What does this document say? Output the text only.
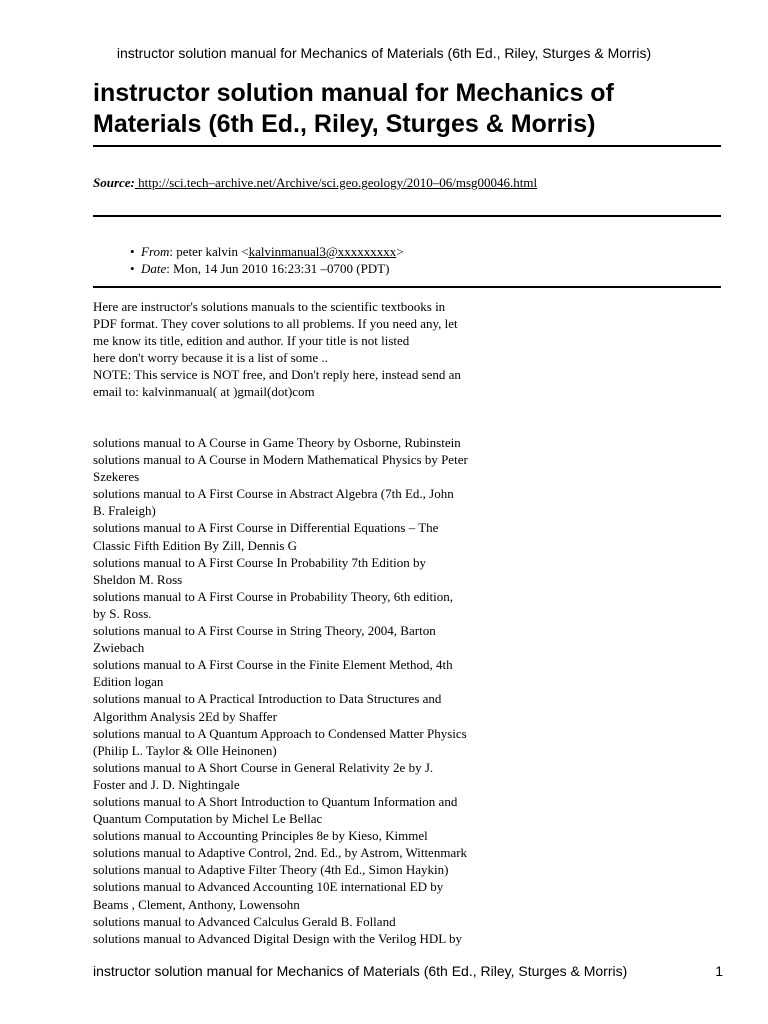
instructor solution manual for Mechanics of Materials (6th Ed., Riley, Sturges & Morris)
instructor solution manual for Mechanics of
Materials (6th Ed., Riley, Sturges & Morris)
Source: http://sci.tech–archive.net/Archive/sci.geo.geology/2010–06/msg00046.html
• From: peter kalvin <kalvinmanual3@xxxxxxxxx>
• Date: Mon, 14 Jun 2010 16:23:31 –0700 (PDT)
Here are instructor's solutions manuals to the scientific textbooks in
PDF format. They cover solutions to all problems. If you need any, let
me know its title, edition and author. If your title is not listed
here don't worry because it is a list of some ..
NOTE: This service is NOT free, and Don't reply here, instead send an
email to: kalvinmanual( at )gmail(dot)com
solutions manual to A Course in Game Theory by Osborne, Rubinstein
solutions manual to A Course in Modern Mathematical Physics by Peter
Szekeres
solutions manual to A First Course in Abstract Algebra (7th Ed., John
B. Fraleigh)
solutions manual to A First Course in Differential Equations – The
Classic Fifth Edition By Zill, Dennis G
solutions manual to A First Course In Probability 7th Edition by
Sheldon M. Ross
solutions manual to A First Course in Probability Theory, 6th edition,
by S. Ross.
solutions manual to A First Course in String Theory, 2004, Barton
Zwiebach
solutions manual to A First Course in the Finite Element Method, 4th
Edition logan
solutions manual to A Practical Introduction to Data Structures and
Algorithm Analysis 2Ed by Shaffer
solutions manual to A Quantum Approach to Condensed Matter Physics
(Philip L. Taylor & Olle Heinonen)
solutions manual to A Short Course in General Relativity 2e by J.
Foster and J. D. Nightingale
solutions manual to A Short Introduction to Quantum Information and
Quantum Computation by Michel Le Bellac
solutions manual to Accounting Principles 8e by Kieso, Kimmel
solutions manual to Adaptive Control, 2nd. Ed., by Astrom, Wittenmark
solutions manual to Adaptive Filter Theory (4th Ed., Simon Haykin)
solutions manual to Advanced Accounting 10E international ED by
Beams , Clement, Anthony, Lowensohn
solutions manual to Advanced Calculus Gerald B. Folland
solutions manual to Advanced Digital Design with the Verilog HDL by
instructor solution manual for Mechanics of Materials (6th Ed., Riley, Sturges & Morris)	1
